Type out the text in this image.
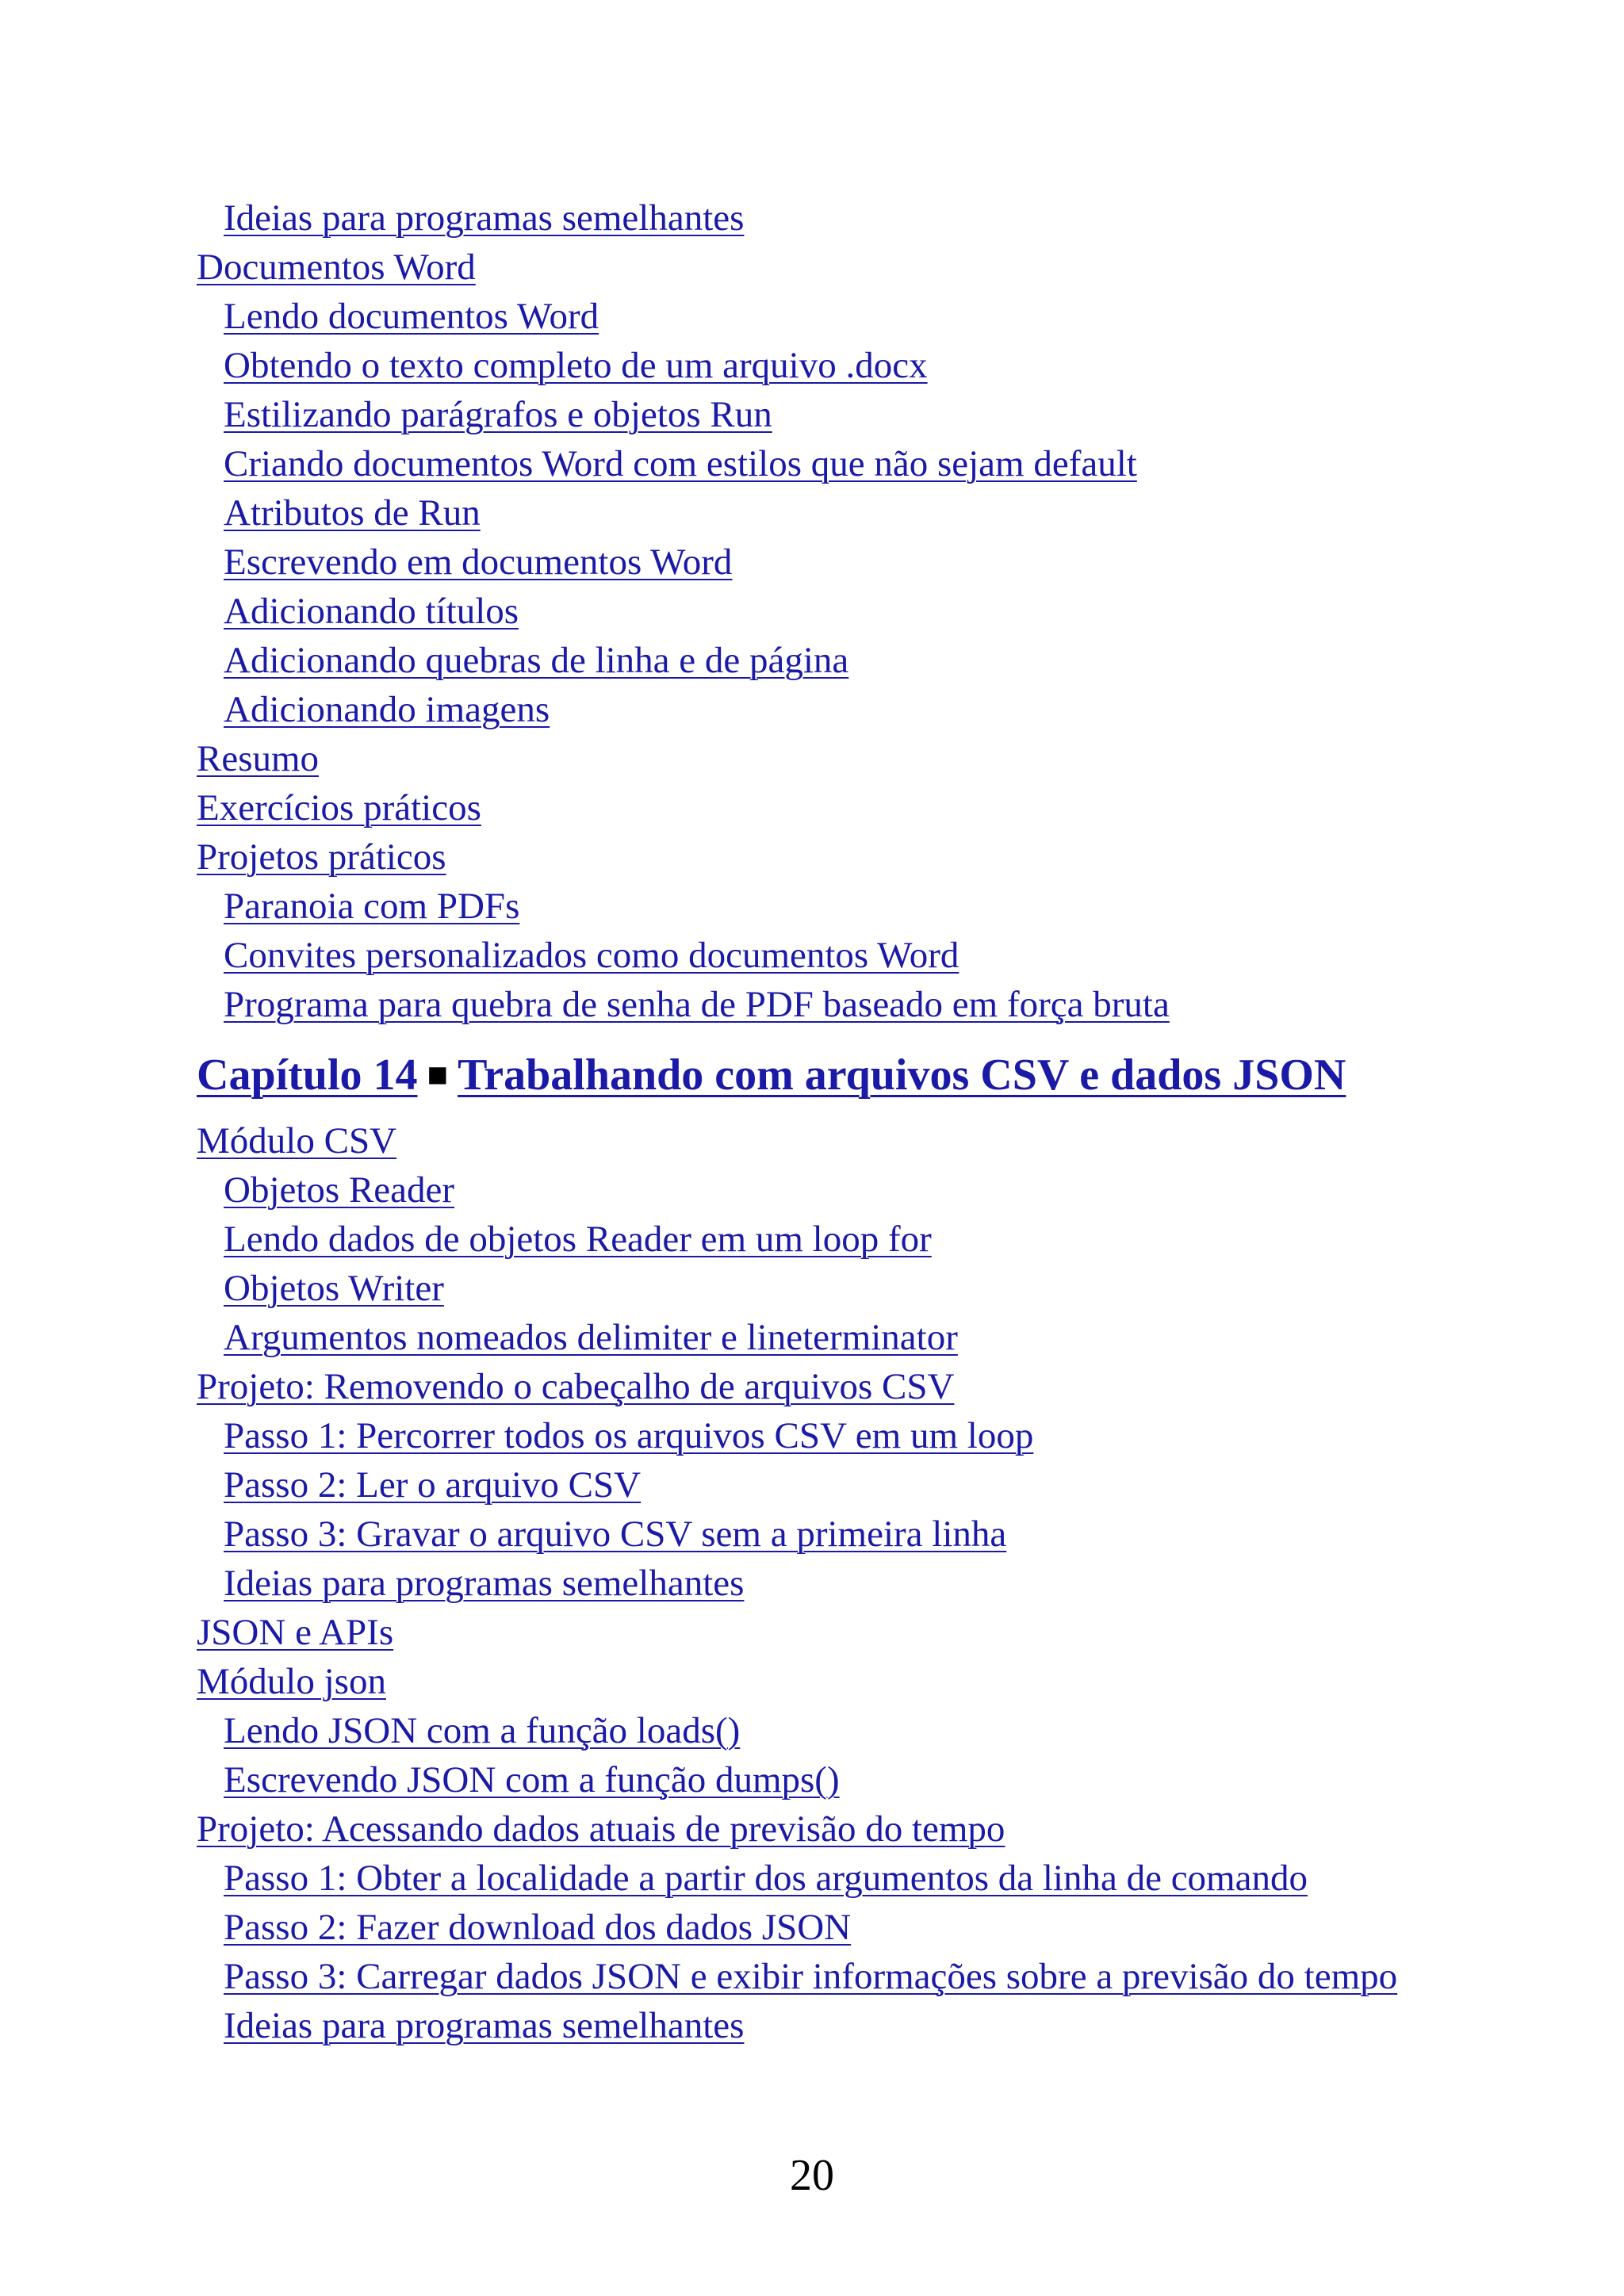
Ideias para programas semelhantes
Documentos Word
Lendo documentos Word
Obtendo o texto completo de um arquivo .docx
Estilizando parágrafos e objetos Run
Criando documentos Word com estilos que não sejam default
Atributos de Run
Escrevendo em documentos Word
Adicionando títulos
Adicionando quebras de linha e de página
Adicionando imagens
Resumo
Exercícios práticos
Projetos práticos
Paranoia com PDFs
Convites personalizados como documentos Word
Programa para quebra de senha de PDF baseado em força bruta
Capítulo 14 ■ Trabalhando com arquivos CSV e dados JSON
Módulo CSV
Objetos Reader
Lendo dados de objetos Reader em um loop for
Objetos Writer
Argumentos nomeados delimiter e lineterminator
Projeto: Removendo o cabeçalho de arquivos CSV
Passo 1: Percorrer todos os arquivos CSV em um loop
Passo 2: Ler o arquivo CSV
Passo 3: Gravar o arquivo CSV sem a primeira linha
Ideias para programas semelhantes
JSON e APIs
Módulo json
Lendo JSON com a função loads()
Escrevendo JSON com a função dumps()
Projeto: Acessando dados atuais de previsão do tempo
Passo 1: Obter a localidade a partir dos argumentos da linha de comando
Passo 2: Fazer download dos dados JSON
Passo 3: Carregar dados JSON e exibir informações sobre a previsão do tempo
Ideias para programas semelhantes
20
